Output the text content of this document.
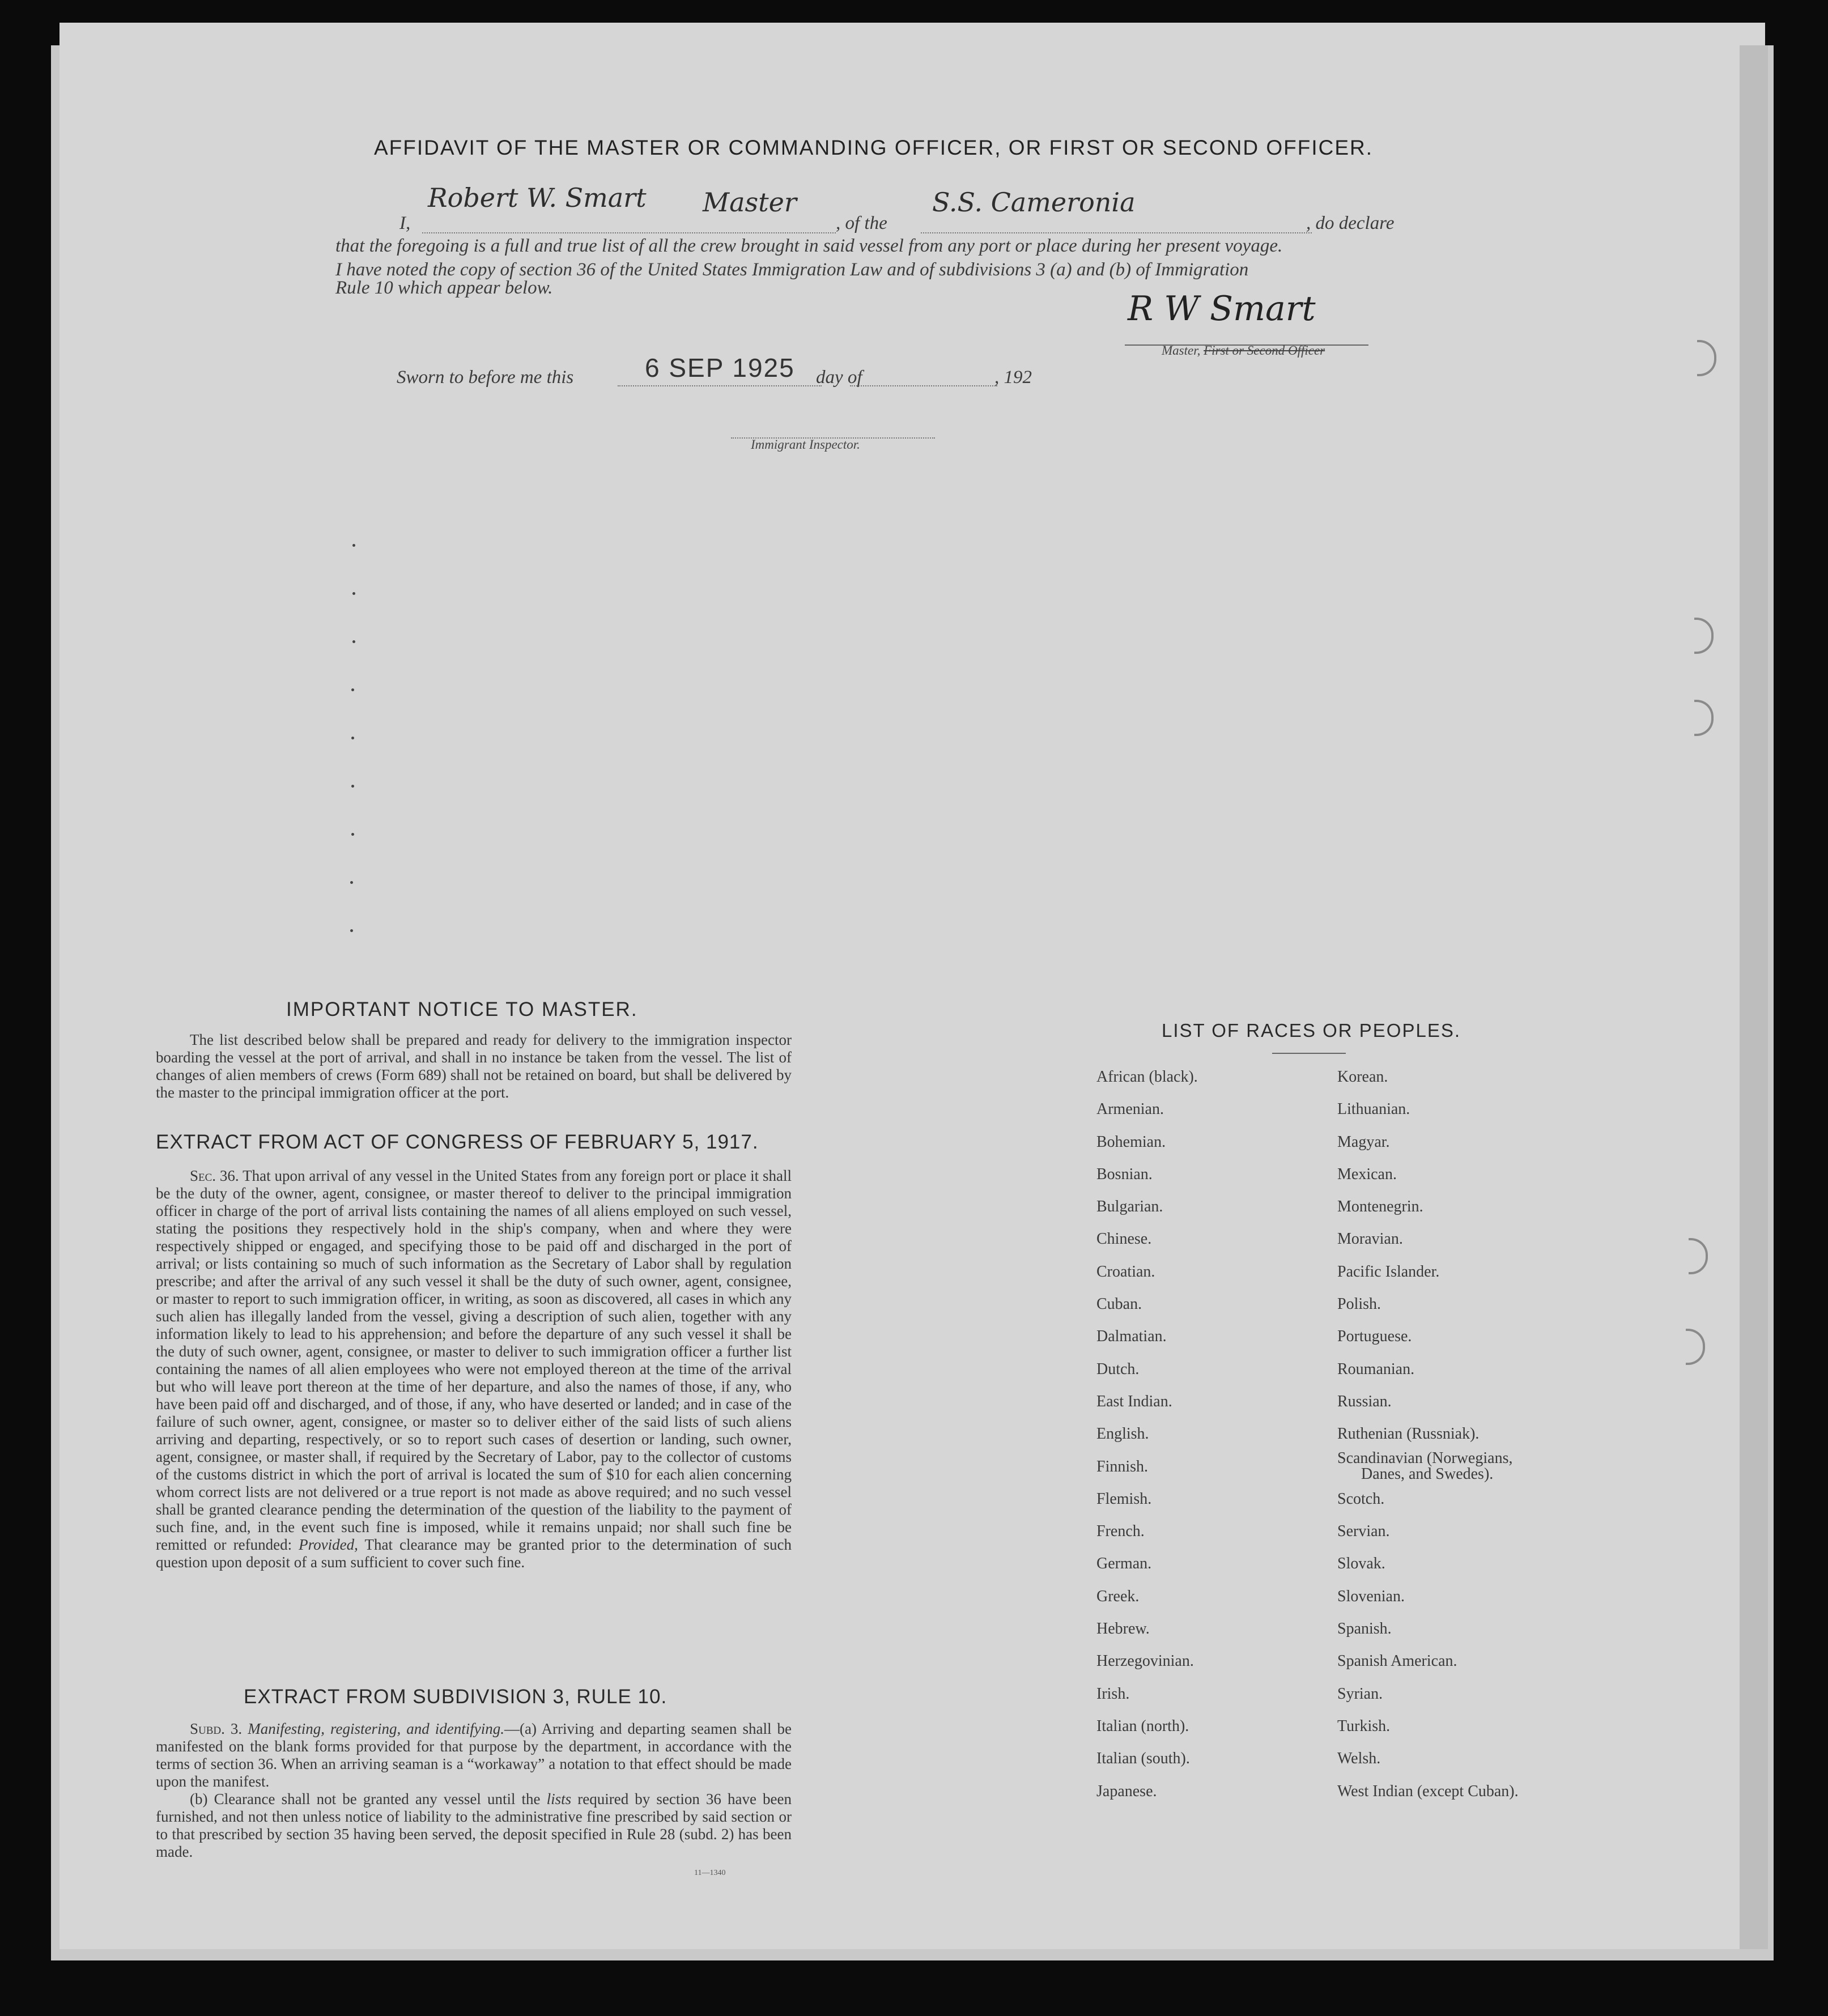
AFFIDAVIT OF THE MASTER OR COMMANDING OFFICER, OR FIRST OR SECOND OFFICER.
I,
Robert W. Smart Master
, of the
S.S. Cameronia
, do declare
that the foregoing is a full and true list of all the crew brought in said vessel from any port or place during her present voyage.
I have noted the copy of section 36 of the United States Immigration Law and of subdivisions 3 (a) and (b) of Immigration
Rule 10 which appear below.
R W Smart
Master, First or Second Officer
Sworn to before me this	6 SEP 1925 day of	, 192
Immigrant Inspector.
IMPORTANT NOTICE TO MASTER.

The list described below shall be prepared and ready for delivery to the immigration inspector boarding the vessel at the port of arrival, and shall in no instance be taken from the vessel. The list of changes of alien members of crews (Form 689) shall not be retained on board, but shall be delivered by the master to the principal immigration officer at the port.

EXTRACT FROM ACT OF CONGRESS OF FEBRUARY 5, 1917.

Sec. 36. That upon arrival of any vessel in the United States from any foreign port or place it shall be the duty of the owner, agent, consignee, or master thereof to deliver to the principal immigration officer in charge of the port of arrival lists containing the names of all aliens employed on such vessel, stating the positions they respectively hold in the ship's company, when and where they were respectively shipped or engaged, and specifying those to be paid off and discharged in the port of arrival; or lists containing so much of such information as the Secretary of Labor shall by regulation prescribe; and after the arrival of any such vessel it shall be the duty of such owner, agent, consignee, or master to report to such immigration officer, in writing, as soon as discovered, all cases in which any such alien has illegally landed from the vessel, giving a description of such alien, together with any information likely to lead to his apprehension; and before the departure of any such vessel it shall be the duty of such owner, agent, consignee, or master to deliver to such immigration officer a further list containing the names of all alien employees who were not employed thereon at the time of the arrival but who will leave port thereon at the time of her departure, and also the names of those, if any, who have been paid off and discharged, and of those, if any, who have deserted or landed; and in case of the failure of such owner, agent, consignee, or master so to deliver either of the said lists of such aliens arriving and departing, respectively, or so to report such cases of desertion or landing, such owner, agent, consignee, or master shall, if required by the Secretary of Labor, pay to the collector of customs of the customs district in which the port of arrival is located the sum of $10 for each alien concerning whom correct lists are not delivered or a true report is not made as above required; and no such vessel shall be granted clearance pending the determination of the question of the liability to the payment of such fine, and, in the event such fine is imposed, while it remains unpaid; nor shall such fine be remitted or refunded: Provided, That clearance may be granted prior to the determination of such question upon deposit of a sum sufficient to cover such fine.

EXTRACT FROM SUBDIVISION 3, RULE 10.

Subd. 3. Manifesting, registering, and identifying.—(a) Arriving and departing seamen shall be manifested on the blank forms provided for that purpose by the department, in accordance with the terms of section 36. When an arriving seaman is a “workaway” a notation to that effect should be made upon the manifest.

(b) Clearance shall not be granted any vessel until the lists required by section 36 have been furnished, and not then unless notice of liability to the administrative fine prescribed by said section or to that prescribed by section 35 having been served, the deposit specified in Rule 28 (subd. 2) has been made.

11—1340
LIST OF RACES OR PEOPLES.
African (black).
Armenian.
Bohemian.
Bosnian.
Bulgarian.
Chinese.
Croatian.
Cuban.
Dalmatian.
Dutch.
East Indian.
English.
Finnish.
Flemish.
French.
German.
Greek.
Hebrew.
Herzegovinian.
Irish.
Italian (north).
Italian (south).
Japanese.
Korean.
Lithuanian.
Magyar.
Mexican.
Montenegrin.
Moravian.
Pacific Islander.
Polish.
Portuguese.
Roumanian.
Russian.
Ruthenian (Russniak).
Scandinavian (Norwegians,
Danes, and Swedes).
Scotch.
Servian.
Slovak.
Slovenian.
Spanish.
Spanish American.
Syrian.
Turkish.
Welsh.
West Indian (except Cuban).
